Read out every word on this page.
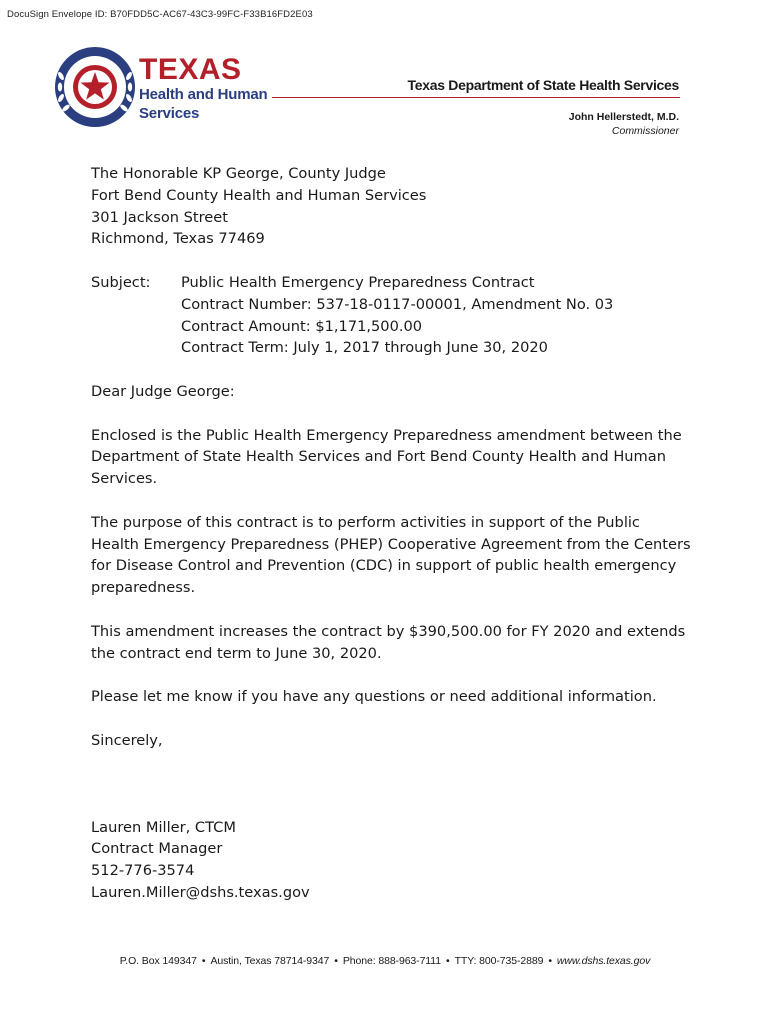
DocuSign Envelope ID: B70FDD5C-AC67-43C3-99FC-F33B16FD2E03
TEXAS
Health and Human
Services
Texas Department of State Health Services
John Hellerstedt, M.D.
Commissioner

The Honorable KP George, County Judge

Fort Bend County Health and Human Services

301 Jackson Street

Richmond, Texas 77469

Subject:	Public Health Emergency Preparedness Contract

Contract Number: 537-18-0117-00001, Amendment No. 03

Contract Amount: $1,171,500.00

Contract Term: July 1, 2017 through June 30, 2020

Dear Judge George:

Enclosed is the Public Health Emergency Preparedness amendment between the Department of State Health Services and Fort Bend County Health and Human Services.

The purpose of this contract is to perform activities in support of the Public Health Emergency Preparedness (PHEP) Cooperative Agreement from the Centers for Disease Control and Prevention (CDC) in support of public health emergency preparedness.

This amendment increases the contract by $390,500.00 for FY 2020 and extends the contract end term to June 30, 2020.

Please let me know if you have any questions or need additional information.

Sincerely,

Lauren Miller, CTCM

Contract Manager

512-776-3574

Lauren.Miller@dshs.texas.gov

P.O. Box 149347 • Austin, Texas 78714-9347 • Phone: 888-963-7111 • TTY: 800-735-2889 • www.dshs.texas.gov
